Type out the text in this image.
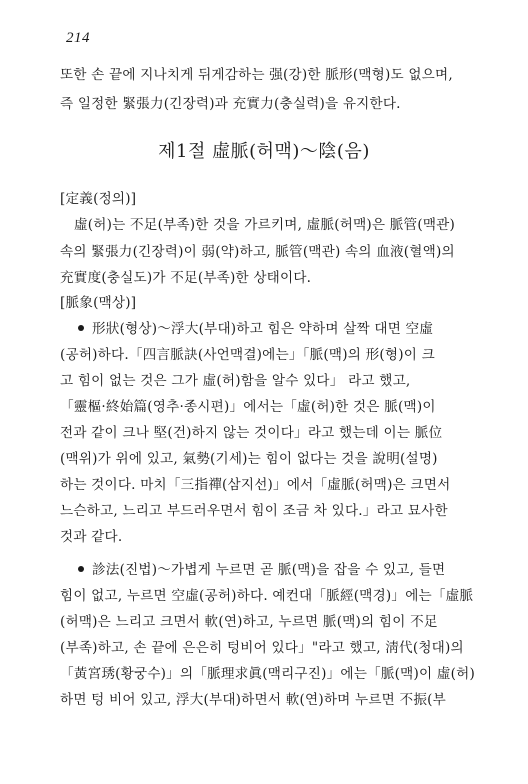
214
또한 손 끝에 지나치게 뒤게감하는 强(강)한 脈形(맥형)도 없으며,
즉 일정한 緊張力(긴장력)과 充實力(충실력)을 유지한다.
제1절 虛脈(허맥)～陰(음)
[定義(정의)]
虛(허)는 不足(부족)한 것을 가르키며, 虛脈(허맥)은 脈管(맥관)
속의 緊張力(긴장력)이 弱(약)하고, 脈管(맥관) 속의 血液(혈액)의
充實度(충실도)가 不足(부족)한 상태이다.
[脈象(맥상)]
形狀(형상)～浮大(부대)하고 힘은 약하며 살짝 대면 空虛
(공허)하다.「四言脈訣(사언맥결)에는」「脈(맥)의 形(형)이 크
고 힘이 없는 것은 그가 虛(허)함을 알수 있다」 라고 했고,
「靈樞·終始篇(영추·종시편)」에서는「虛(허)한 것은 脈(맥)이
전과 같이 크나 堅(건)하지 않는 것이다」라고 했는데 이는 脈位
(맥위)가 위에 있고, 氣勢(기세)는 힘이 없다는 것을 說明(설명)
하는 것이다. 마치「三指禪(삼지선)」에서「虛脈(허맥)은 크면서
느슨하고, 느리고 부드러우면서 힘이 조금 차 있다.」라고 묘사한
것과 같다.
診法(진법)～가볍게 누르면 곧 脈(맥)을 잡을 수 있고, 들면
힘이 없고, 누르면 空虛(공허)하다. 예컨대「脈經(맥경)」에는「虛脈
(허맥)은 느리고 크면서 軟(연)하고, 누르면 脈(맥)의 힘이 不足
(부족)하고, 손 끝에 은은히 텅비어 있다」"라고 했고, 淸代(청대)의
「黃宮琇(황궁수)」의「脈理求眞(맥리구진)」에는「脈(맥)이 虛(허)
하면 텅 비어 있고, 浮大(부대)하면서 軟(연)하며 누르면 不振(부
